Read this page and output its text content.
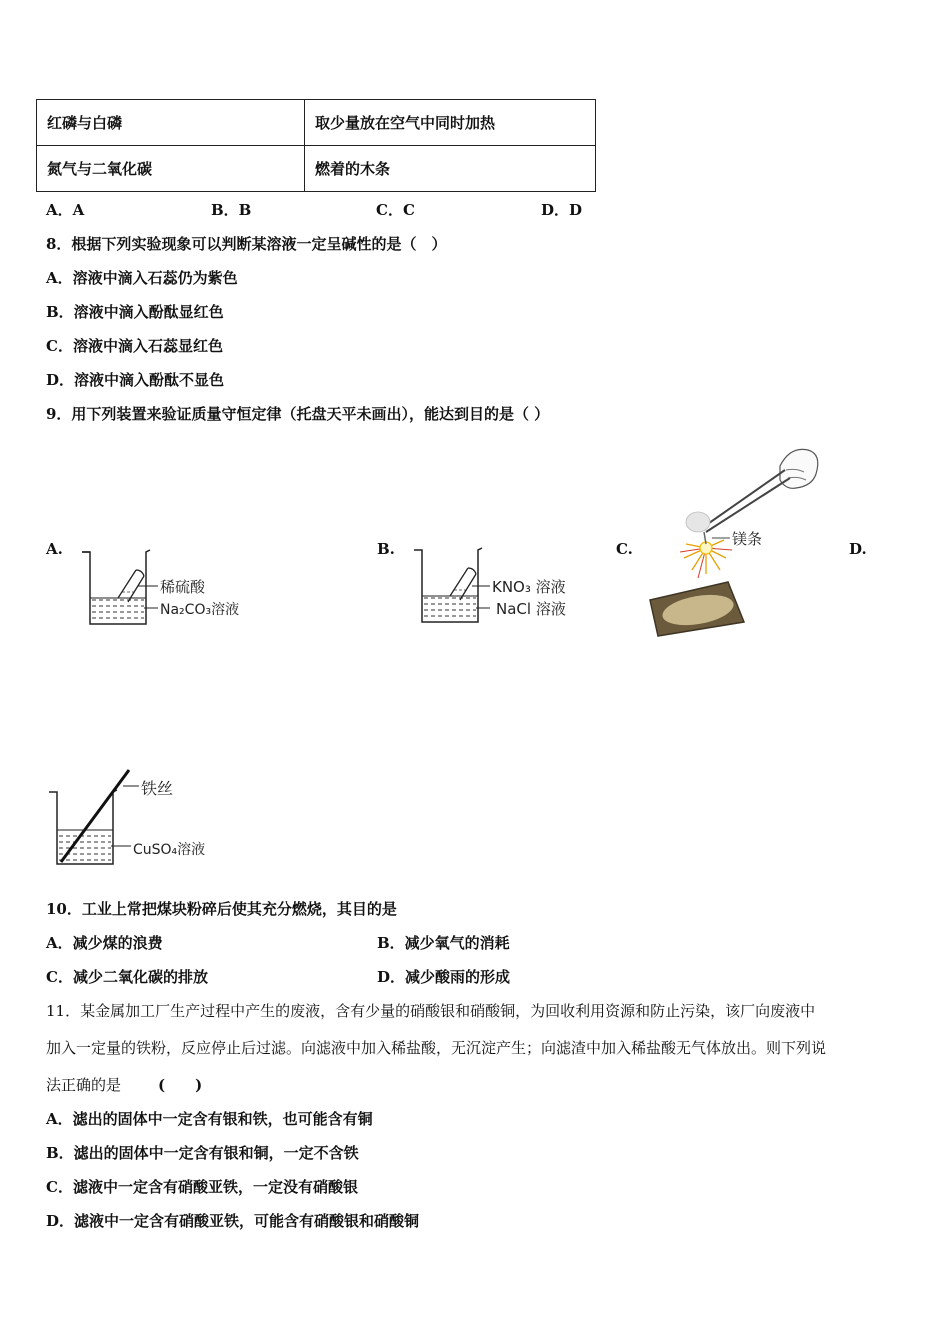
红磷与白磷	取少量放在空气中同时加热
氮气与二氧化碳	燃着的木条
A．A	B．B	C．C	D．D
8．根据下列实验现象可以判断某溶液一定呈碱性的是（　）
A．溶液中滴入石蕊仍为紫色
B．溶液中滴入酚酞显红色
C．溶液中滴入石蕊显红色
D．溶液中滴入酚酞不显色
9．用下列装置来验证质量守恒定律（托盘天平未画出），能达到目的是（ ）
A.	B.	C.	D.
稀硫酸
Na₂CO₃溶液
KNO₃ 溶液
NaCl 溶液
镁条
铁丝
CuSO₄溶液
10．工业上常把煤块粉碎后使其充分燃烧，其目的是
A．减少煤的浪费	B．减少氧气的消耗
C．减少二氧化碳的排放	D．减少酸雨的形成
11．某金属加工厂生产过程中产生的废液，含有少量的硝酸银和硝酸铜，为回收利用资源和防止污染，该厂向废液中
加入一定量的铁粉，反应停止后过滤。向滤液中加入稀盐酸，无沉淀产生；向滤渣中加入稀盐酸无气体放出。则下列说
法正确的是 (　　)
A．滤出的固体中一定含有银和铁，也可能含有铜
B．滤出的固体中一定含有银和铜，一定不含铁
C．滤液中一定含有硝酸亚铁，一定没有硝酸银
D．滤液中一定含有硝酸亚铁，可能含有硝酸银和硝酸铜
